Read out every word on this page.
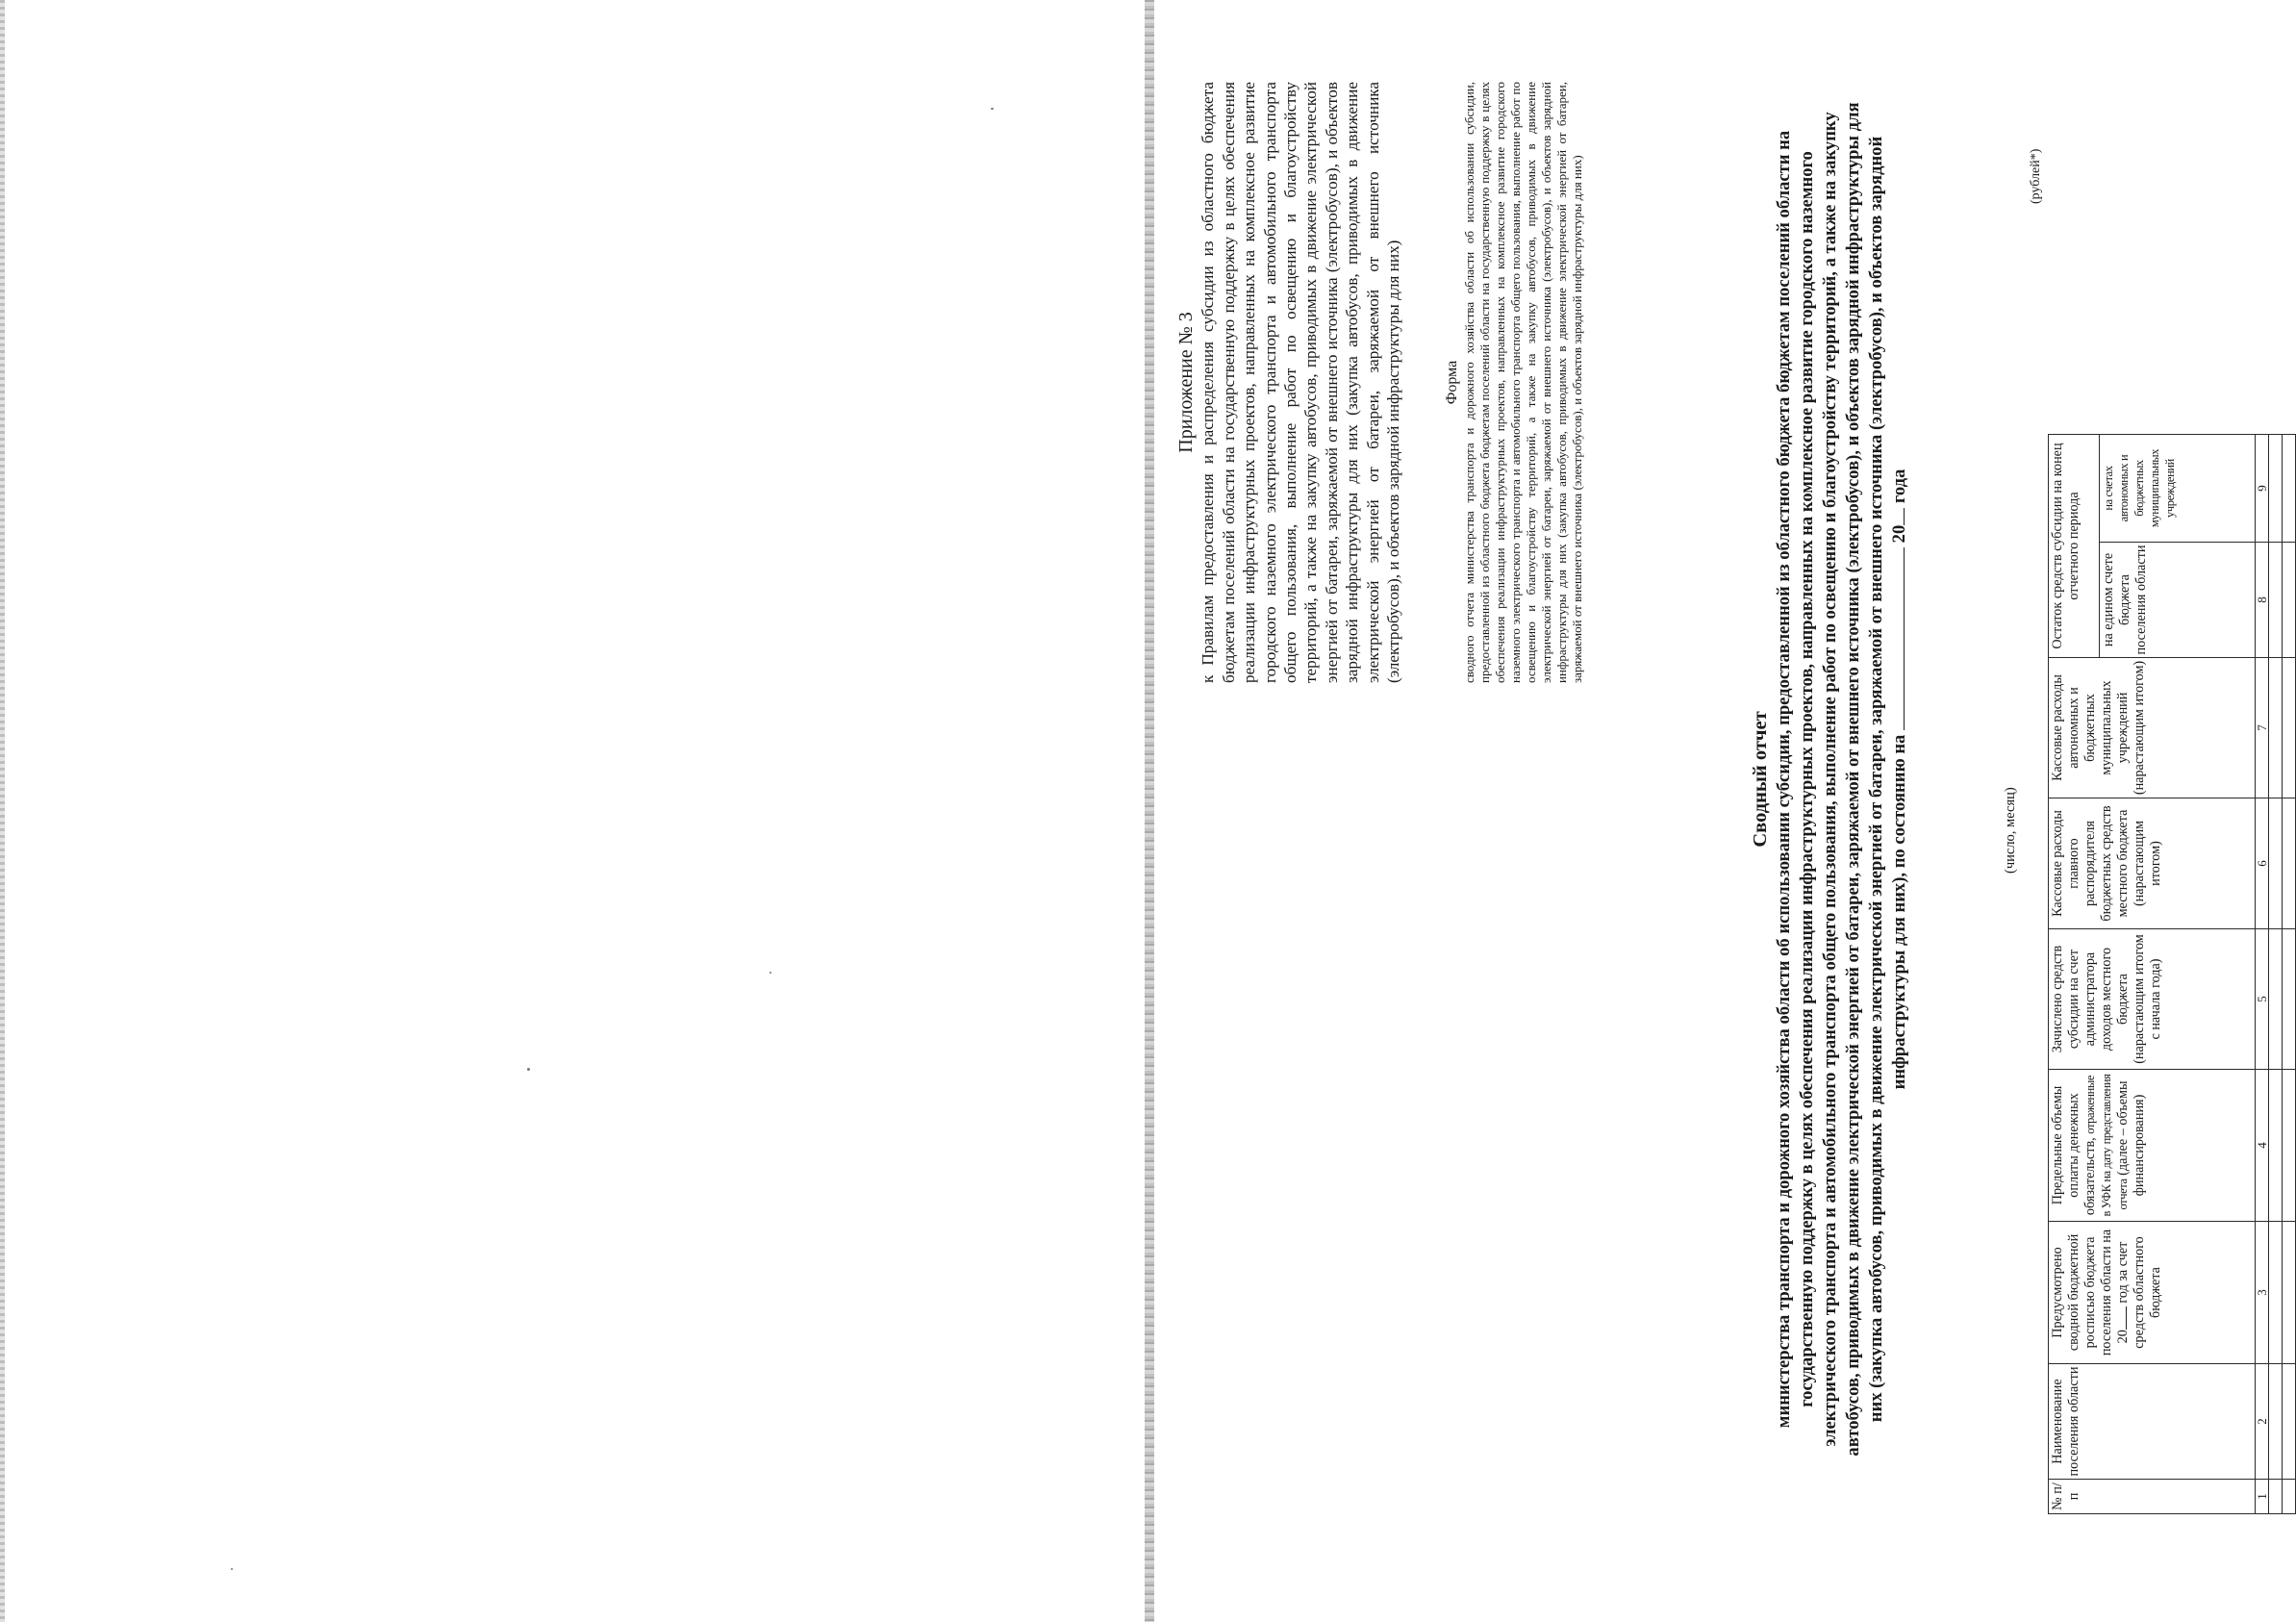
Приложение № 3 к Правилам предоставления и распределения субсидии из областного бюджета бюджетам поселений области на государственную поддержку в целях обеспечения реализации инфраструктурных проектов, направленных на комплексное развитие городского наземного электрического транспорта и автомобильного транспорта общего пользования, выполнение работ по освещению и благоустройству территорий, а также на закупку автобусов, приводимых в движение электрической энергией от батареи, заряжаемой от внешнего источника (электробусов), и объектов зарядной инфраструктуры для них (закупка автобусов, приводимых в движение электрической энергией от батареи, заряжаемой от внешнего источника (электробусов), и объектов зарядной инфраструктуры для них)	Форма сводного отчета министерства транспорта и дорожного хозяйства области об использовании субсидии, предоставленной из областного бюджета бюджетам поселений области на государственную поддержку в целях обеспечения реализации инфраструктурных проектов, направленных на комплексное развитие городского наземного электрического транспорта и автомобильного транспорта общего пользования, выполнение работ по освещению и благоустройству территорий, а также на закупку автобусов, приводимых в движение электрической энергией от батареи, заряжаемой от внешнего источника (электробусов), и объектов зарядной инфраструктуры для них (закупка автобусов, приводимых в движение электрической энергией от батареи, заряжаемой от внешнего источника (электробусов), и объектов зарядной инфраструктуры для них)
Сводный отчет министерства транспорта и дорожного хозяйства области об использовании субсидии, предоставленной из областного бюджета бюджетам поселений области на государственную поддержку в целях обеспечения реализации инфраструктурных проектов, направленных на комплексное развитие городского наземного электрического транспорта и автомобильного транспорта общего пользования, выполнение работ по освещению и благоустройству территорий, а также на закупку автобусов, приводимых в движение электрической энергией от батареи, заряжаемой от внешнего источника (электробусов), и объектов зарядной инфраструктуры для них (закупка автобусов, приводимых в движение электрической энергией от батареи, заряжаемой от внешнего источника (электробусов), и объектов зарядной инфраструктуры для них), по состоянию на  20 года
(число, месяц)
(рублей*)
№ п/п	Наименование поселения области	Предусмотрено сводной бюджетной росписью бюджета поселения области на 20 год за счет средств областного бюджета	Предельные объемы оплаты денежных обязательств, отраженные в УФК на дату представления отчета (далее – объемы финансирования)	Зачислено средств субсидии на счет администратора доходов местного бюджета (нарастающим итогом с начала года)	Кассовые расходы главного распорядителя бюджетных средств местного бюджета (нарастающим итогом)	Кассовые расходы автономных и бюджетных муниципальных учреждений (нарастающим итогом)	Остаток средств субсидии на конец отчетного периода		
							на едином счете бюджета поселения области	на счетах автономных и бюджетных муниципальных учреждений	
1	2	3	4	5	6	7	8	9	
